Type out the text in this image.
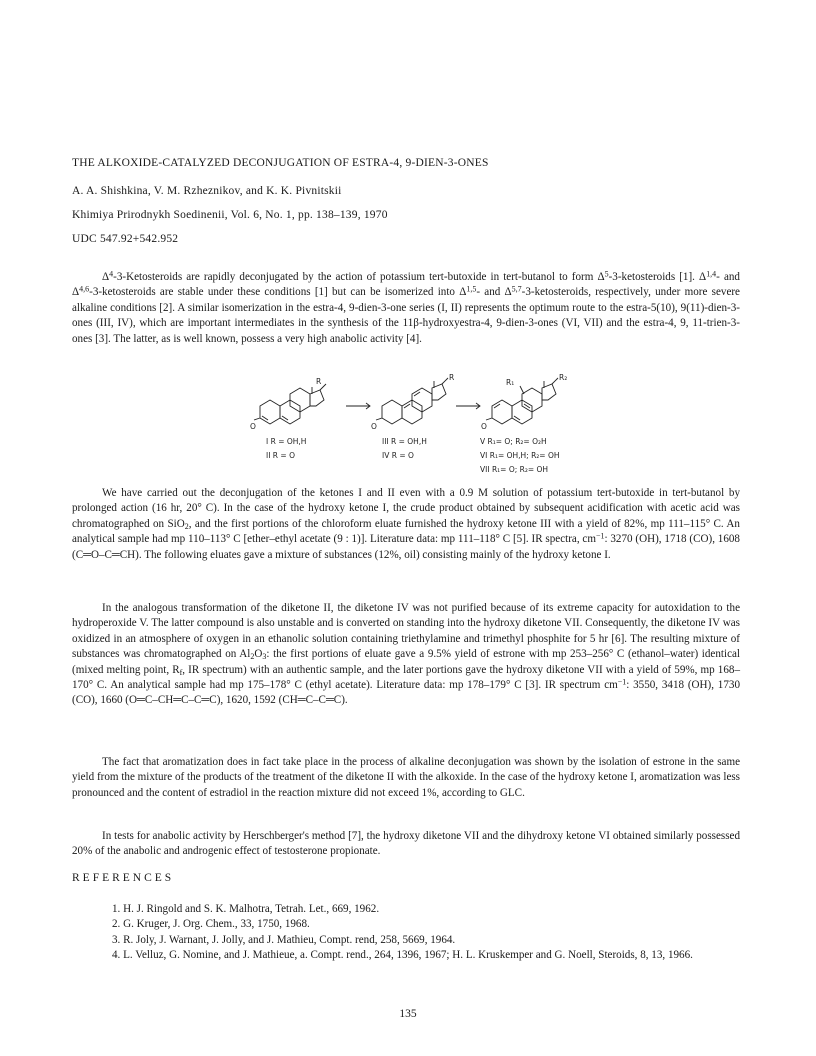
THE ALKOXIDE-CATALYZED DECONJUGATION OF ESTRA-4, 9-DIEN-3-ONES
A. A. Shishkina, V. M. Rzheznikov, and K. K. Pivnitskii
Khimiya Prirodnykh Soedinenii, Vol. 6, No. 1, pp. 138–139, 1970
UDC 547.92+542.952

$\Delta^4-3$-Ketosteroids are rapidly deconjugated by the action of potassium tert-butoxide in tert-butanol to form $\Delta^5-3$-ketosteroids [1]. Δ$^{1,4}$- and Δ$^{4,6}$-3-ketosteroids are stable under these conditions [1] but can be isomerized into Δ$^{1,5}$- and Δ$^{5,7}$-3-ketosteroids, respectively, under more severe alkaline conditions [2]. A similar isomerization in the estra-4, 9-dien-3-one series (I, II) represents the optimum route to the estra-5(10), 9(11)-dien-3-ones (III, IV), which are important intermediates in the synthesis of the 11β-hydroxyestra-4, 9-dien-3-ones (VI, VII) and the estra-4, 9, 11-trien-3-ones [3]. The latter, as is well known, possess a very high anabolic activity [4].

R	R
R₁
R₂
O	O	O
I R = OH,H
II R = O
III R = OH,H
IV R = O
V R₁= O; R₂= O₂H
VI R₁= OH,H; R₂= OH
VII R₁= O; R₂= OH

We have carried out the deconjugation of the ketones I and II even with a 0.9 M solution of potassium tert-butoxide in tert-butanol by prolonged action (16 hr, 20° C). In the case of the hydroxy ketone I, the crude product obtained by subsequent acidification with acetic acid was chromatographed on SiO$_2$, and the first portions of the chloroform eluate furnished the hydroxy ketone III with a yield of 82%, mp 111–115° C. An analytical sample had mp 110–113° C [ether–ethyl acetate (9 : 1)]. Literature data: mp 111–118° C [5]. IR spectra, $cm^{-1}$: 3270 (OH), 1718 (CO), 1608 (C═O–C═CH). The following eluates gave a mixture of substances (12%, oil) consisting mainly of the hydroxy ketone I.

In the analogous transformation of the diketone II, the diketone IV was not purified because of its extreme capacity for autoxidation to the hydroperoxide V. The latter compound is also unstable and is converted on standing into the hydroxy diketone VII. Consequently, the diketone IV was oxidized in an atmosphere of oxygen in an ethanolic solution containing triethylamine and trimethyl phosphite for 5 hr [6]. The resulting mixture of substances was chromatographed on $Al_2O_3$: the first portions of eluate gave a 9.5% yield of estrone with mp 253–256° C (ethanol–water) identical (mixed melting point, $R_f$, IR spectrum) with an authentic sample, and the later portions gave the hydroxy diketone VII with a yield of 59%, mp 168–170° C. An analytical sample had mp 175–178° C (ethyl acetate). Literature data: mp 178–179° C [3]. IR spectrum $cm^{-1}$: 3550, 3418 (OH), 1730 (CO), 1660 (O═C–CH═C–C═C), 1620, 1592 (CH═C–C═C).

The fact that aromatization does in fact take place in the process of alkaline deconjugation was shown by the isolation of estrone in the same yield from the mixture of the products of the treatment of the diketone II with the alkoxide. In the case of the hydroxy ketone I, aromatization was less pronounced and the content of estradiol in the reaction mixture did not exceed 1%, according to GLC.

In tests for anabolic activity by Herschberger's method [7], the hydroxy diketone VII and the dihydroxy ketone VI obtained similarly possessed 20% of the anabolic and androgenic effect of testosterone propionate.

REFERENCES
1. H. J. Ringold and S. K. Malhotra, Tetrah. Let., 669, 1962.
2. G. Kruger, J. Org. Chem., 33, 1750, 1968.
3. R. Joly, J. Warnant, J. Jolly, and J. Mathieu, Compt. rend, 258, 5669, 1964.
4. L. Velluz, G. Nomine, and J. Mathieue, a. Compt. rend., 264, 1396, 1967; H. L. Kruskemper and G. Noell, Steroids, 8, 13, 1966.
135
